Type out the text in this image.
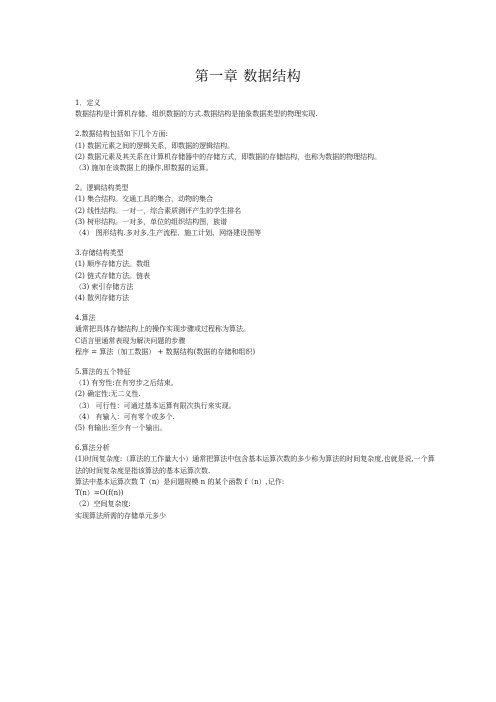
第一章 数据结构
1．定义
数据结构是计算机存储、组织数据的方式.数据结构是抽象数据类型的物理实现.
2.数据结构包括如下几个方面:
(1) 数据元素之间的逻辑关系，即数据的逻辑结构。
(2) 数据元素及其关系在计算机存储器中的存储方式，即数据的存储结构，也称为数据的物理结构。
（3) 施加在该数据上的操作,即数据的运算。
2。逻辑结构类型
(1) 集合结构。交通工具的集合，动物的集合
(2) 线性结构。一对一，综合素质测评产生的学生排名
(3) 树形结构。一对多，单位的组织结构图，族谱
（4） 图形结构.多对多,生产流程、施工计划、网络建设图等
3.存储结构类型
(1) 顺序存储方法。数组
(2) 链式存储方法。链表
（3) 索引存储方法
(4) 散列存储方法
4.算法
通常把具体存储结构上的操作实现步骤或过程称为算法。
C语言里通常表现为解决问题的步骤
程序 = 算法（加工数据） + 数据结构(数据的存储和组织)
5.算法的五个特征
（1) 有穷性:在有穷步之后结束。
(2) 确定性:无二义性.
（3） 可行性：可通过基本运算有限次执行来实现。
（4） 有输入：可有零个或多个.
(5) 有输出:至少有一个输出。
6.算法分析
(1)时间复杂度:（算法的工作量大小）通常把算法中包含基本运算次数的多少称为算法的时间复杂度,也就是说,一个算法的时间复杂度是指该算法的基本运算次数.
算法中基本运算次数 T（n）是问题规模 n 的某个函数 f（n）,记作:
T(n）=O(f(n))
（2）空间复杂度:
实现算法所需的存储单元多少
